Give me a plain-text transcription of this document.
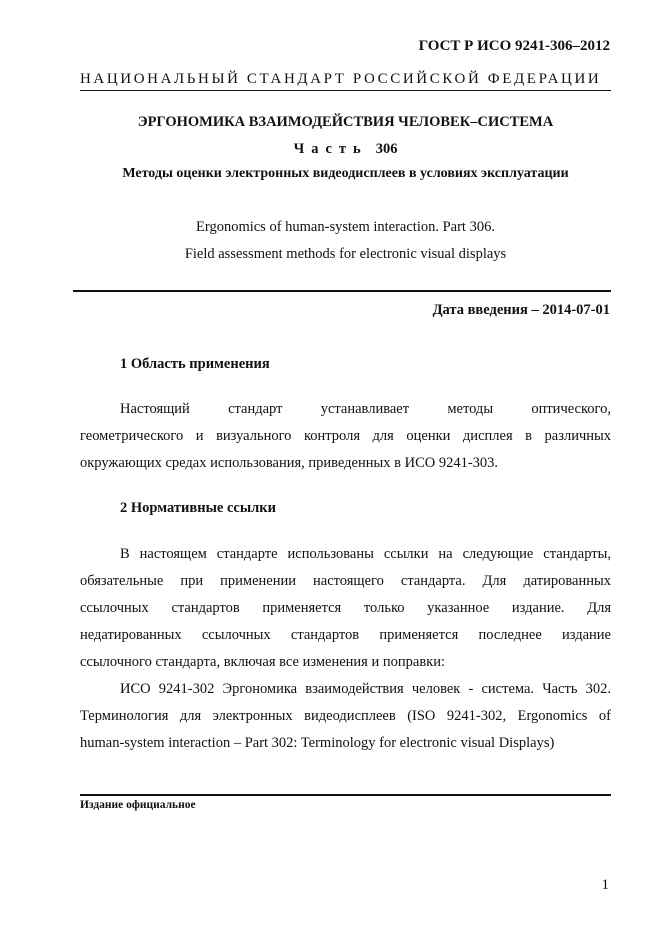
ГОСТ Р ИСО 9241-306–2012
НАЦИОНАЛЬНЫЙ СТАНДАРТ РОССИЙСКОЙ ФЕДЕРАЦИИ
ЭРГОНОМИКА ВЗАИМОДЕЙСТВИЯ ЧЕЛОВЕК–СИСТЕМА
Часть 306
Методы оценки электронных видеодисплеев в условиях эксплуатации
Ergonomics of human-system interaction. Part 306.
Field assessment methods for electronic visual displays
Дата введения – 2014-07-01
1 Область применения
Настоящий стандарт устанавливает методы оптического,
геометрического и визуального контроля для оценки дисплея в различных
окружающих средах использования, приведенных в ИСО 9241-303.
2 Нормативные ссылки
В настоящем стандарте использованы ссылки на следующие стандарты,
обязательные при применении настоящего стандарта. Для датированных
ссылочных стандартов применяется только указанное издание. Для
недатированных ссылочных стандартов применяется последнее издание
ссылочного стандарта, включая все изменения и поправки:
ИСО 9241-302 Эргономика взаимодействия человек - система. Часть 302.
Терминология для электронных видеодисплеев (ISO 9241-302, Ergonomics of
human-system interaction – Part 302: Terminology for electronic visual Displays)
Издание официальное
1
